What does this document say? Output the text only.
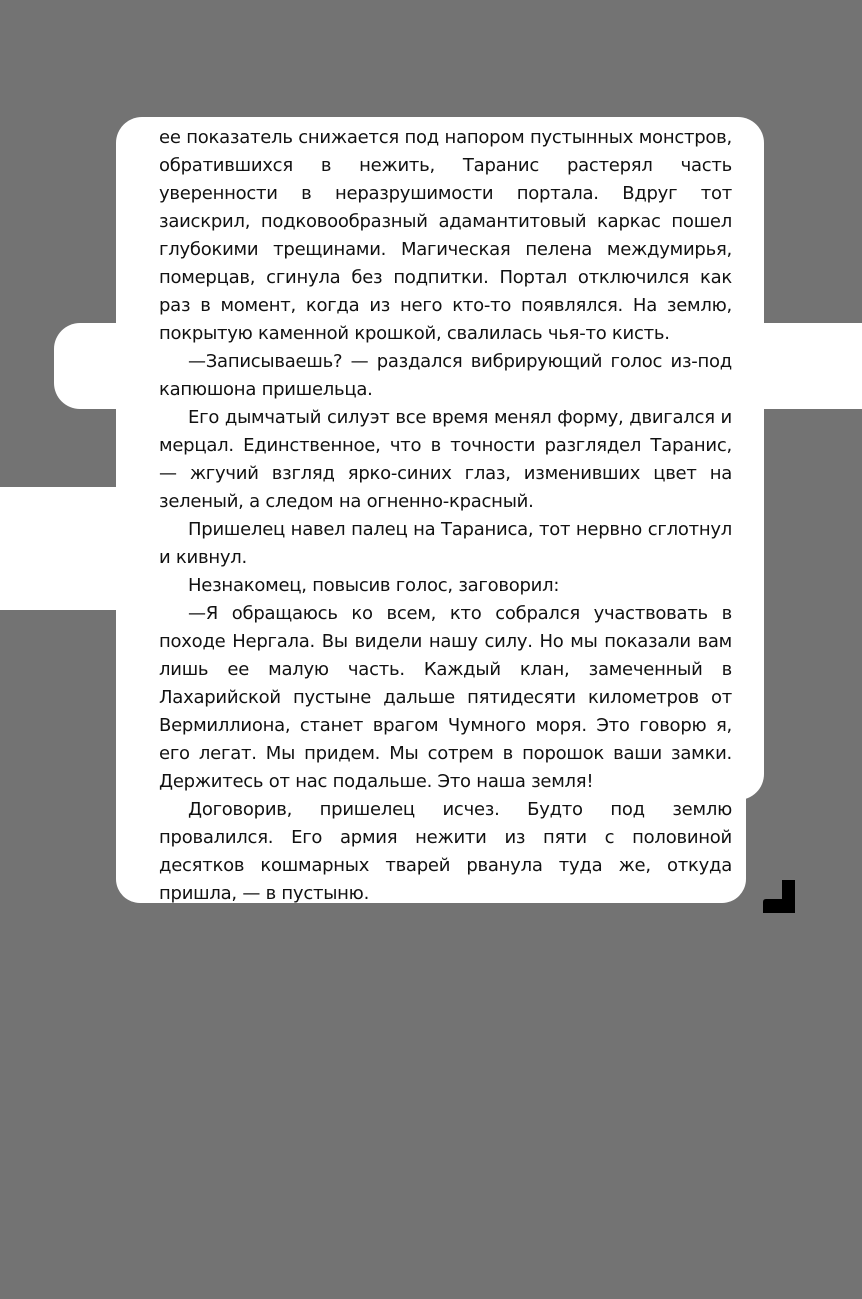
ее показатель снижается под напором пустынных монстров, обратившихся в нежить, Таранис растерял часть уверенности в неразрушимости портала. Вдруг тот заискрил, подковообразный адамантитовый каркас пошел глубокими трещинами. Магическая пелена междумирья, померцав, сгинула без подпитки. Портал отключился как раз в момент, когда из него кто-то появлялся. На землю, покрытую каменной крошкой, свалилась чья-то кисть.

—Записываешь? — раздался вибрирующий голос из-под капюшона пришельца.

Его дымчатый силуэт все время менял форму, двигался и мерцал. Единственное, что в точности разглядел Таранис, — жгучий взгляд ярко-синих глаз, изменивших цвет на зеленый, а следом на огненно-красный.

Пришелец навел палец на Тараниса, тот нервно сглотнул и кивнул.

Незнакомец, повысив голос, заговорил:

—Я обращаюсь ко всем, кто собрался участвовать в походе Нергала. Вы видели нашу силу. Но мы показали вам лишь ее малую часть. Каждый клан, замеченный в Лахарийской пустыне дальше пятидесяти километров от Вермиллиона, станет врагом Чумного моря. Это говорю я, его легат. Мы придем. Мы сотрем в порошок ваши замки. Держитесь от нас подальше. Это наша земля!

Договорив, пришелец исчез. Будто под землю провалился. Его армия нежити из пяти с половиной десятков кошмарных тварей рванула туда же, откуда пришла, — в пустыню.
